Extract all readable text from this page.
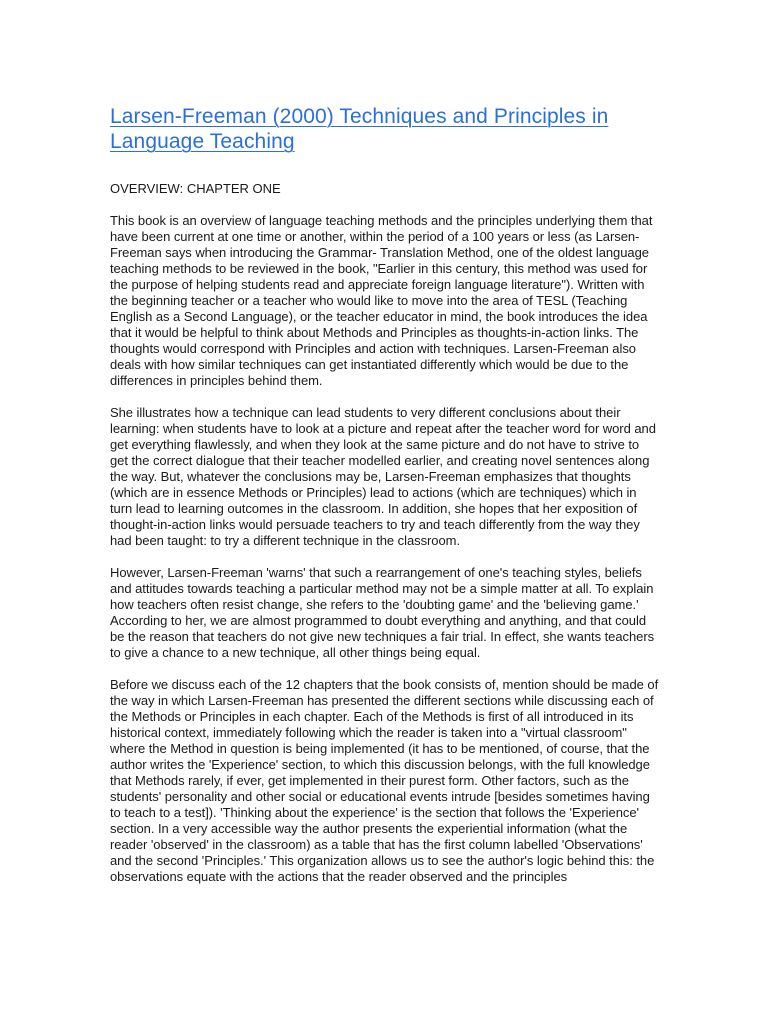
Larsen-Freeman (2000) Techniques and Principles in Language Teaching

OVERVIEW: CHAPTER ONE

This book is an overview of language teaching methods and the principles underlying them that have been current at one time or another, within the period of a 100 years or less (as Larsen-Freeman says when introducing the Grammar- Translation Method, one of the oldest language teaching methods to be reviewed in the book, "Earlier in this century, this method was used for the purpose of helping students read and appreciate foreign language literature"). Written with the beginning teacher or a teacher who would like to move into the area of TESL (Teaching English as a Second Language), or the teacher educator in mind, the book introduces the idea that it would be helpful to think about Methods and Principles as thoughts-in-action links. The thoughts would correspond with Principles and action with techniques. Larsen-Freeman also deals with how similar techniques can get instantiated differently which would be due to the differences in principles behind them.

She illustrates how a technique can lead students to very different conclusions about their learning: when students have to look at a picture and repeat after the teacher word for word and get everything flawlessly, and when they look at the same picture and do not have to strive to get the correct dialogue that their teacher modelled earlier, and creating novel sentences along the way. But, whatever the conclusions may be, Larsen-Freeman emphasizes that thoughts (which are in essence Methods or Principles) lead to actions (which are techniques) which in turn lead to learning outcomes in the classroom. In addition, she hopes that her exposition of thought-in-action links would persuade teachers to try and teach differently from the way they had been taught: to try a different technique in the classroom.

However, Larsen-Freeman 'warns' that such a rearrangement of one's teaching styles, beliefs and attitudes towards teaching a particular method may not be a simple matter at all. To explain how teachers often resist change, she refers to the 'doubting game' and the 'believing game.' According to her, we are almost programmed to doubt everything and anything, and that could be the reason that teachers do not give new techniques a fair trial. In effect, she wants teachers to give a chance to a new technique, all other things being equal.

Before we discuss each of the 12 chapters that the book consists of, mention should be made of the way in which Larsen-Freeman has presented the different sections while discussing each of the Methods or Principles in each chapter. Each of the Methods is first of all introduced in its historical context, immediately following which the reader is taken into a "virtual classroom" where the Method in question is being implemented (it has to be mentioned, of course, that the author writes the 'Experience' section, to which this discussion belongs, with the full knowledge that Methods rarely, if ever, get implemented in their purest form. Other factors, such as the students' personality and other social or educational events intrude [besides sometimes having to teach to a test]). 'Thinking about the experience' is the section that follows the 'Experience' section. In a very accessible way the author presents the experiential information (what the reader 'observed' in the classroom) as a table that has the first column labelled 'Observations' and the second 'Principles.' This organization allows us to see the author's logic behind this: the observations equate with the actions that the reader observed and the principles
